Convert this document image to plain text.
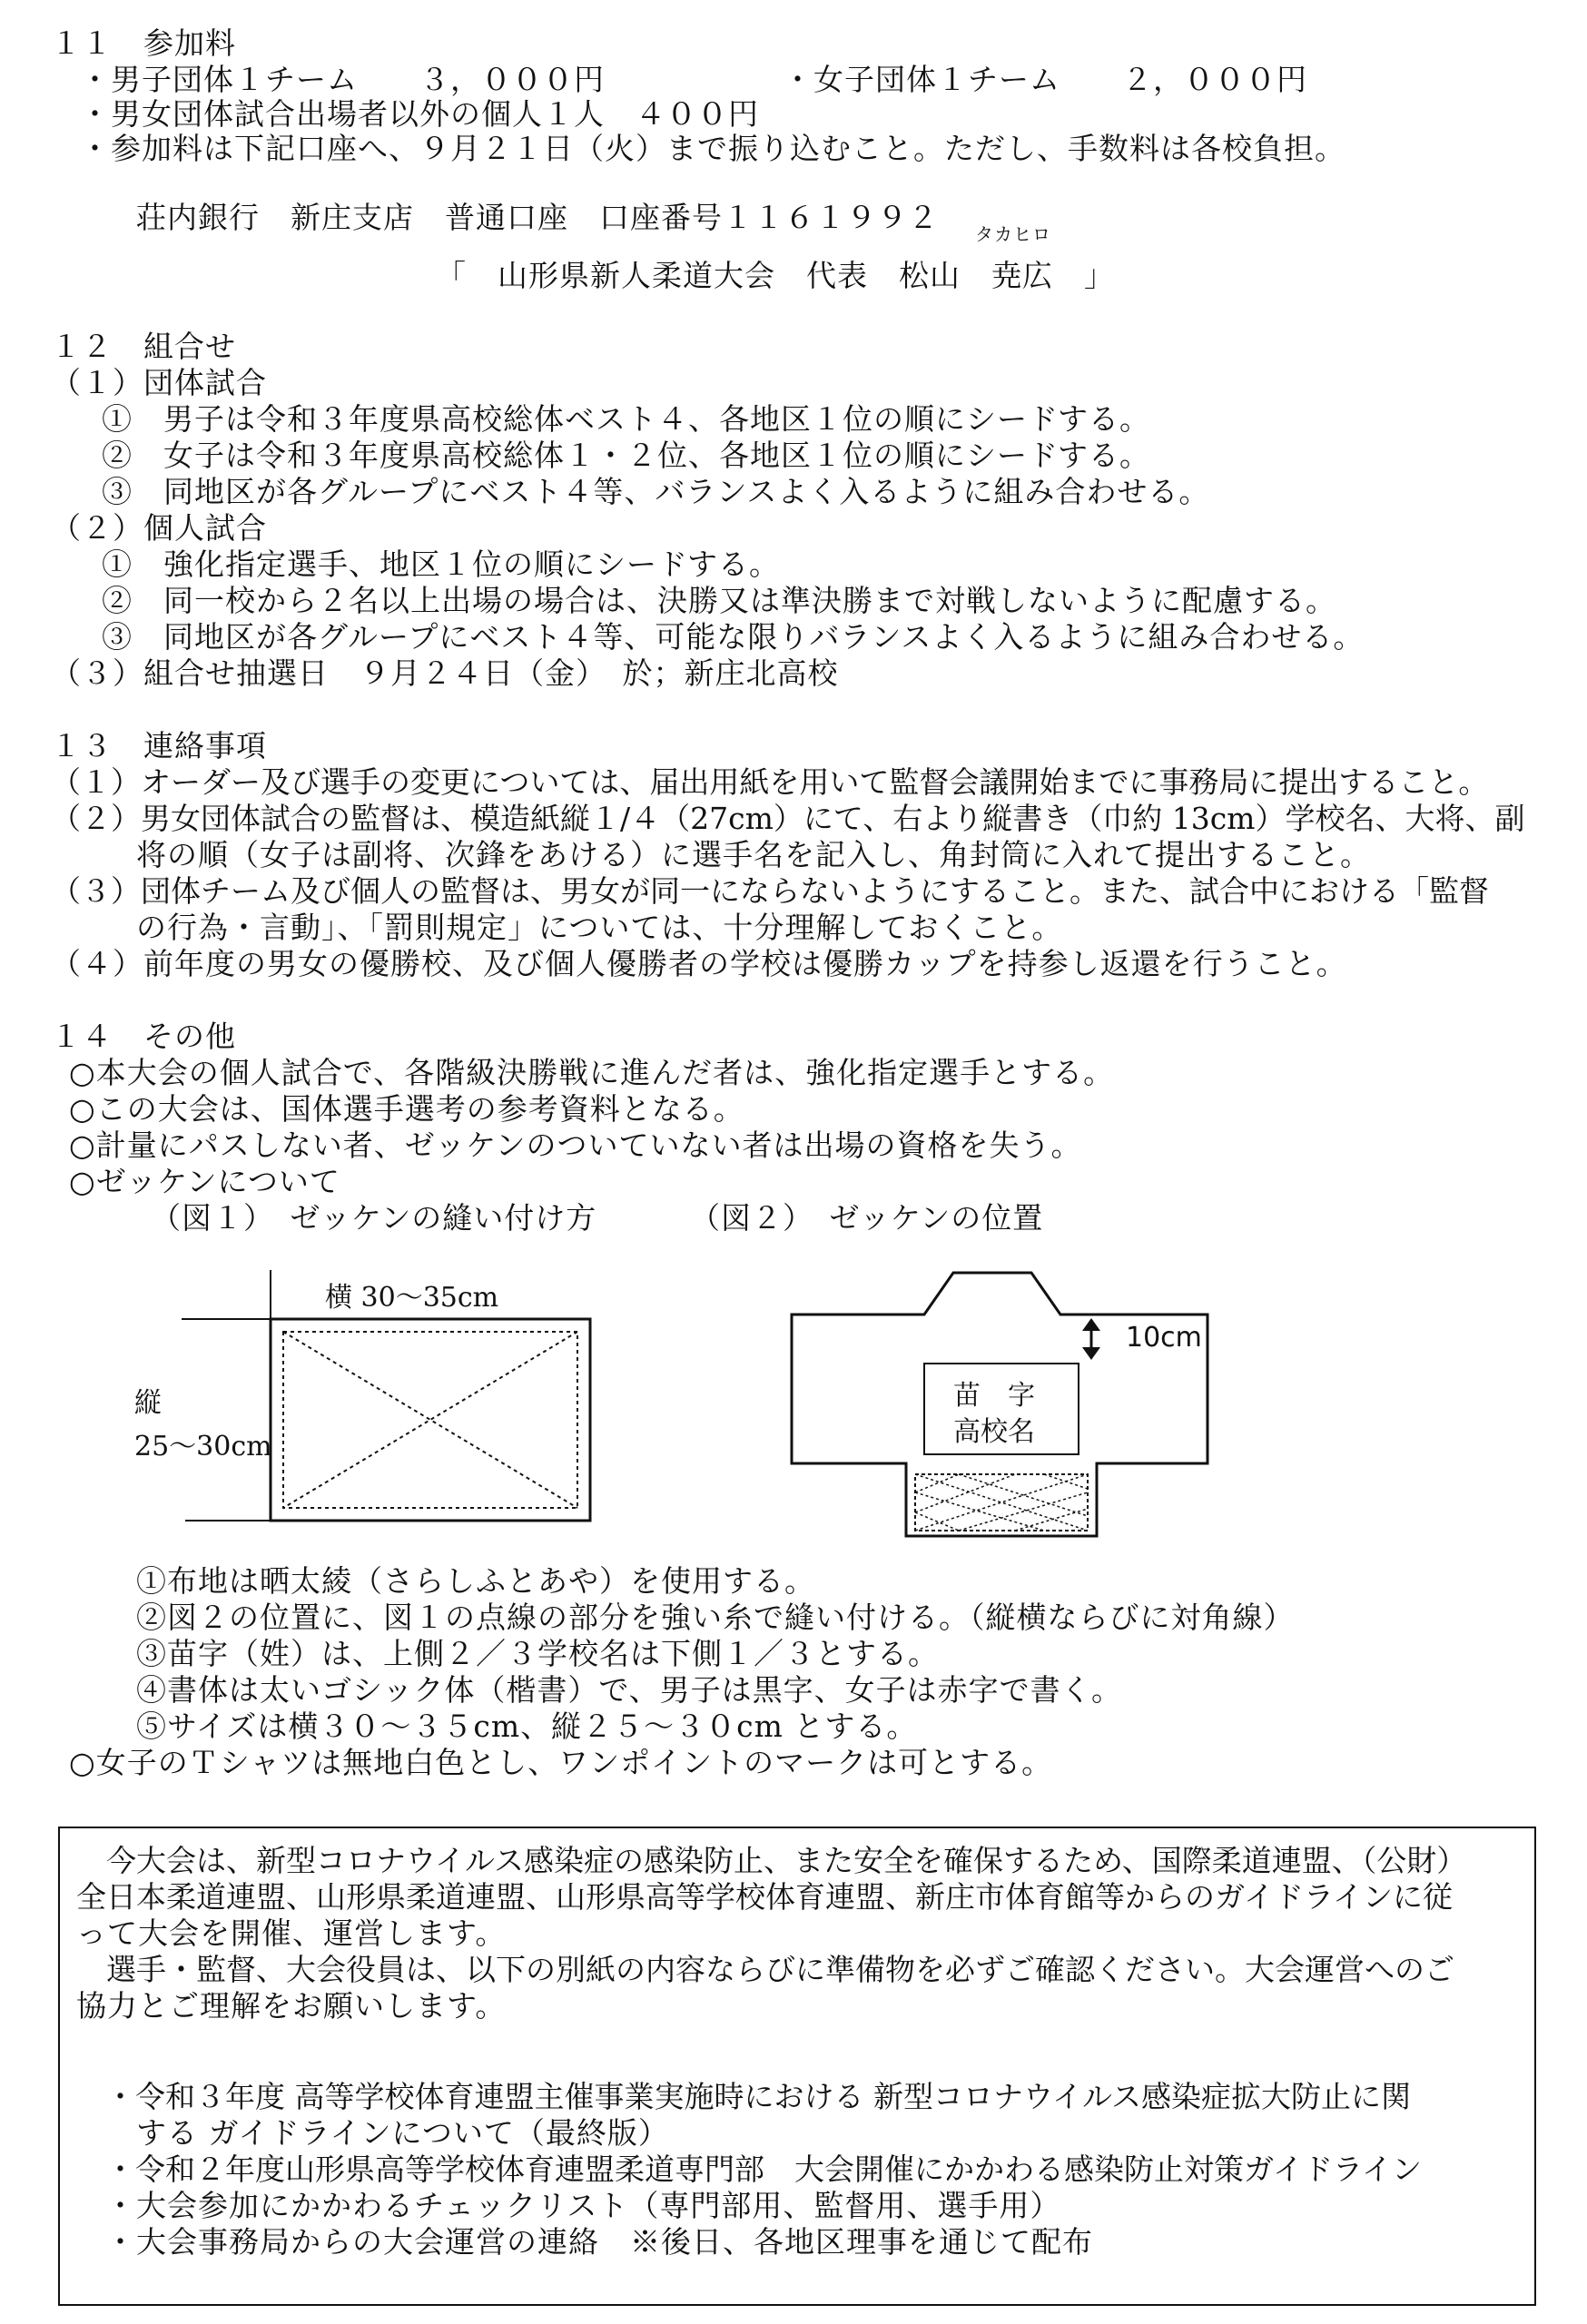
１１　参加料
・男子団体１チーム　　３，０００円	・女子団体１チーム　　２，０００円
・男女団体試合出場者以外の個人１人　４００円
・参加料は下記口座へ、９月２１日（火）まで振り込むこと。ただし、手数料は各校負担。
荘内銀行　新庄支店　普通口座　口座番号１１６１９９２ タカヒロ
「　山形県新人柔道大会　代表　松山　尭広　」
１２　組合せ
（１）団体試合
①　男子は令和３年度県高校総体ベスト４、各地区１位の順にシードする。
②　女子は令和３年度県高校総体１・２位、各地区１位の順にシードする。
③　同地区が各グループにベスト４等、バランスよく入るように組み合わせる。
（２）個人試合
①　強化指定選手、地区１位の順にシードする。
②　同一校から２名以上出場の場合は、決勝又は準決勝まで対戦しないように配慮する。
③　同地区が各グループにベスト４等、可能な限りバランスよく入るように組み合わせる。
（３）組合せ抽選日　９月２４日（金）　於；新庄北高校
１３　連絡事項
（１）オーダー及び選手の変更については、届出用紙を用いて監督会議開始までに事務局に提出すること。
（２）男女団体試合の監督は、模造紙縦１/４（27cm）にて、右より縦書き（巾約 13cm）学校名、大将、副
将の順（女子は副将、次鋒をあける）に選手名を記入し、角封筒に入れて提出すること。
（３）団体チーム及び個人の監督は、男女が同一にならないようにすること。また、試合中における「監督
の行為・言動」、「罰則規定」については、十分理解しておくこと。
（４）前年度の男女の優勝校、及び個人優勝者の学校は優勝カップを持参し返還を行うこと。
１４　その他
○本大会の個人試合で、各階級決勝戦に進んだ者は、強化指定選手とする。
○この大会は、国体選手選考の参考資料となる。
○計量にパスしない者、ゼッケンのついていない者は出場の資格を失う。
○ゼッケンについて
（図１）　ゼッケンの縫い付け方	（図２）　ゼッケンの位置
横 30～35cm
縦
25～30cm
10cm
苗　字
高校名
①布地は晒太綾（さらしふとあや）を使用する。
②図２の位置に、図１の点線の部分を強い糸で縫い付ける。（縦横ならびに対角線）
③苗字（姓）は、上側２／３学校名は下側１／３とする。
④書体は太いゴシック体（楷書）で、男子は黒字、女子は赤字で書く。
⑤サイズは横３０～３５cm、縦２５～３０cm とする。
○女子のＴシャツは無地白色とし、ワンポイントのマークは可とする。
　今大会は、新型コロナウイルス感染症の感染防止、また安全を確保するため、国際柔道連盟、（公財）
全日本柔道連盟、山形県柔道連盟、山形県高等学校体育連盟、新庄市体育館等からのガイドラインに従
って大会を開催、運営します。
　選手・監督、大会役員は、以下の別紙の内容ならびに準備物を必ずご確認ください。大会運営へのご
協力とご理解をお願いします。
・令和３年度 高等学校体育連盟主催事業実施時における 新型コロナウイルス感染症拡大防止に関
　する ガイドラインについて（最終版）
・令和２年度山形県高等学校体育連盟柔道専門部　大会開催にかかわる感染防止対策ガイドライン
・大会参加にかかわるチェックリスト（専門部用、監督用、選手用）
・大会事務局からの大会運営の連絡　※後日、各地区理事を通じて配布
